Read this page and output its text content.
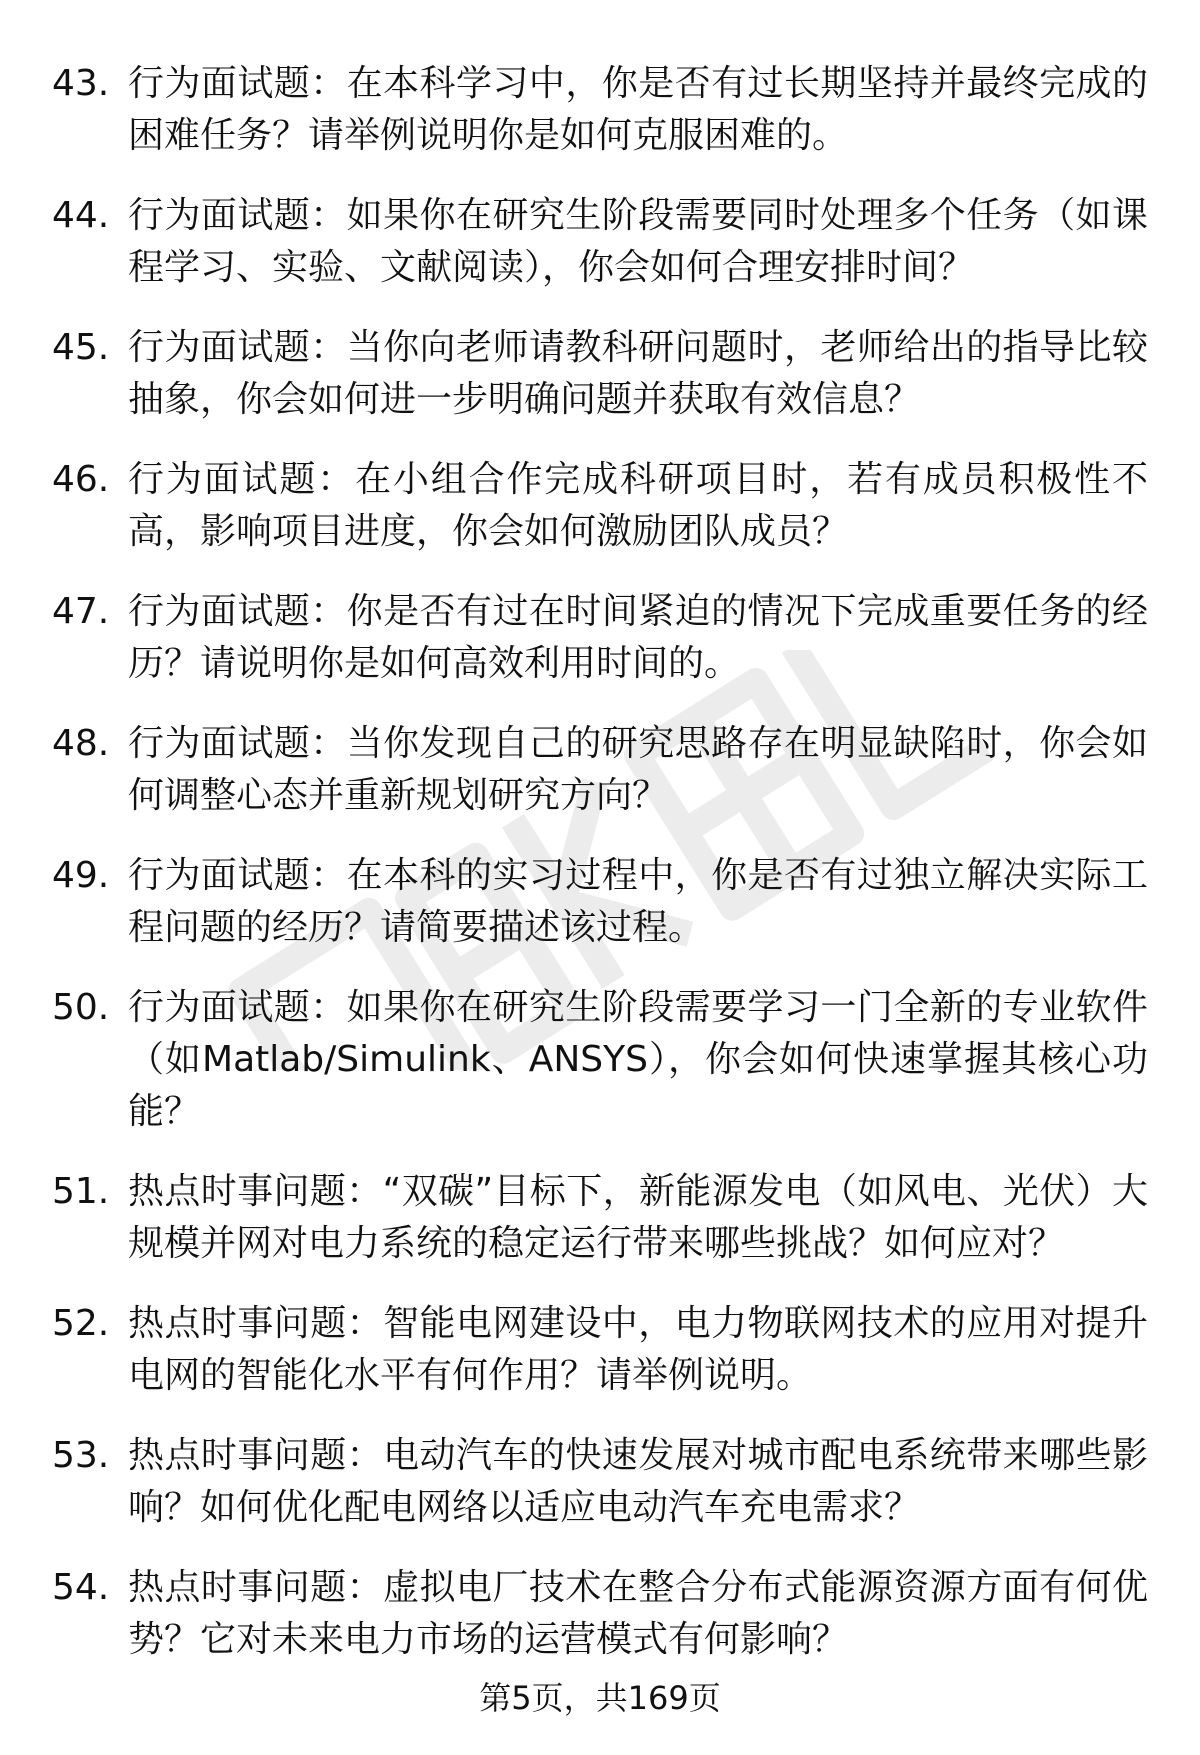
43. 行为面试题：在本科学习中，你是否有过长期坚持并最终完成的困难任务？请举例说明你是如何克服困难的。
44. 行为面试题：如果你在研究生阶段需要同时处理多个任务（如课程学习、实验、文献阅读），你会如何合理安排时间？
45. 行为面试题：当你向老师请教科研问题时，老师给出的指导比较抽象，你会如何进一步明确问题并获取有效信息？
46. 行为面试题：在小组合作完成科研项目时，若有成员积极性不高，影响项目进度，你会如何激励团队成员？
47. 行为面试题：你是否有过在时间紧迫的情况下完成重要任务的经历？请说明你是如何高效利用时间的。
48. 行为面试题：当你发现自己的研究思路存在明显缺陷时，你会如何调整心态并重新规划研究方向？
49. 行为面试题：在本科的实习过程中，你是否有过独立解决实际工程问题的经历？请简要描述该过程。
50. 行为面试题：如果你在研究生阶段需要学习一门全新的专业软件（如Matlab/Simulink、ANSYS），你会如何快速掌握其核心功能？
51. 热点时事问题：“双碳”目标下，新能源发电（如风电、光伏）大规模并网对电力系统的稳定运行带来哪些挑战？如何应对？
52. 热点时事问题：智能电网建设中，电力物联网技术的应用对提升电网的智能化水平有何作用？请举例说明。
53. 热点时事问题：电动汽车的快速发展对城市配电系统带来哪些影响？如何优化配电网络以适应电动汽车充电需求？
54. 热点时事问题：虚拟电厂技术在整合分布式能源资源方面有何优势？它对未来电力市场的运营模式有何影响？
第5页，共169页
